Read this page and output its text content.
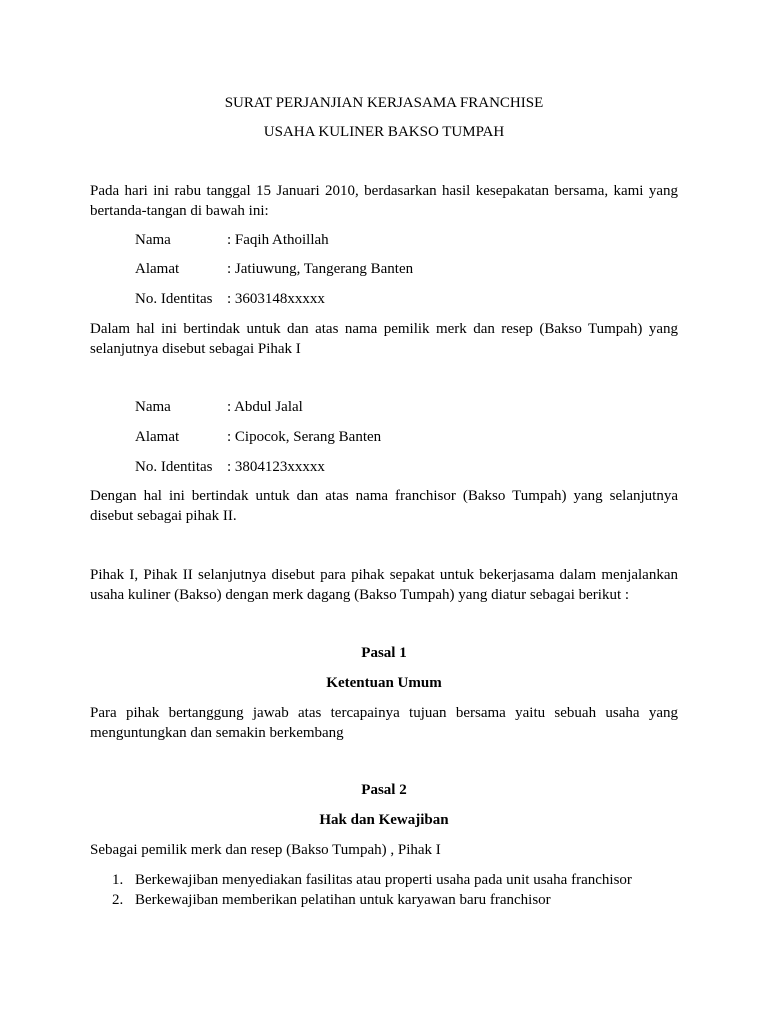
SURAT PERJANJIAN KERJASAMA FRANCHISE
USAHA KULINER BAKSO TUMPAH

Pada hari ini rabu tanggal 15 Januari 2010, berdasarkan hasil kesepakatan bersama, kami yang bertanda-tangan di bawah ini:

Nama	: Faqih Athoillah
Alamat	: Jatiuwung, Tangerang Banten
No. Identitas : 3603148xxxxx

Dalam hal ini bertindak untuk dan atas nama pemilik merk dan resep (Bakso Tumpah) yang selanjutnya disebut sebagai Pihak I

Nama	: Abdul Jalal
Alamat	: Cipocok, Serang Banten
No. Identitas : 3804123xxxxx

Dengan hal ini bertindak untuk dan atas nama franchisor (Bakso Tumpah) yang selanjutnya disebut sebagai pihak II.

Pihak I, Pihak II selanjutnya disebut para pihak sepakat untuk bekerjasama dalam menjalankan usaha kuliner (Bakso) dengan merk dagang (Bakso Tumpah) yang diatur sebagai berikut :

Pasal 1
Ketentuan Umum

Para pihak bertanggung jawab atas tercapainya tujuan bersama yaitu sebuah usaha yang menguntungkan dan semakin berkembang

Pasal 2
Hak dan Kewajiban

Sebagai pemilik merk dan resep (Bakso Tumpah) , Pihak I

1. Berkewajiban menyediakan fasilitas atau properti usaha pada unit usaha franchisor
2. Berkewajiban memberikan pelatihan untuk karyawan baru franchisor
